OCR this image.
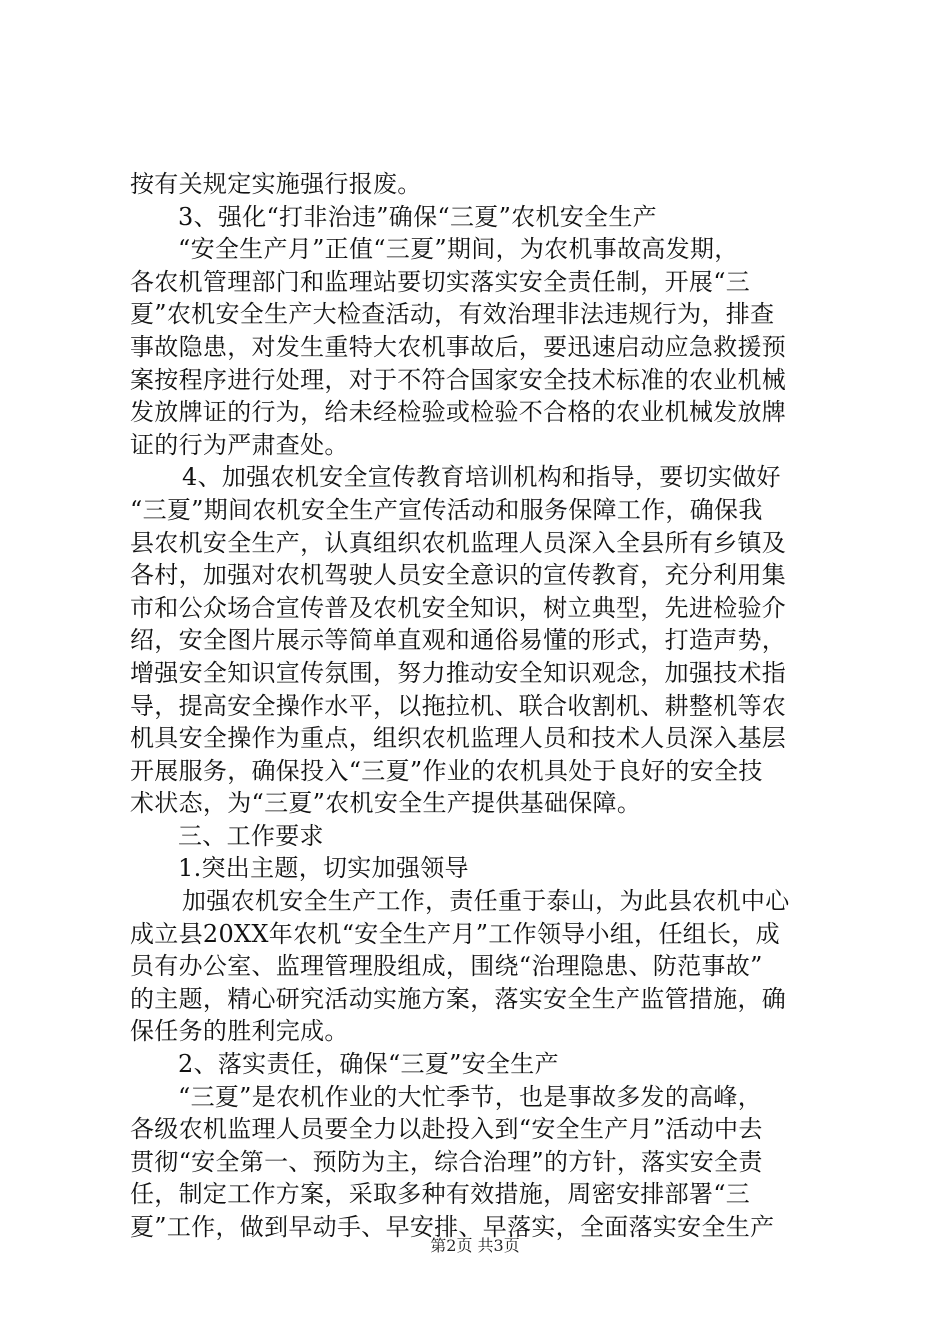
按有关规定实施强行报废。
3、强化“打非治违”确保“三夏”农机安全生产
“安全生产月”正值“三夏”期间，为农机事故高发期，
各农机管理部门和监理站要切实落实安全责任制，开展“三
夏”农机安全生产大检查活动，有效治理非法违规行为，排查
事故隐患，对发生重特大农机事故后，要迅速启动应急救援预
案按程序进行处理，对于不符合国家安全技术标准的农业机械
发放牌证的行为，给未经检验或检验不合格的农业机械发放牌
证的行为严肃查处。
4、加强农机安全宣传教育培训机构和指导，要切实做好
“三夏”期间农机安全生产宣传活动和服务保障工作，确保我
县农机安全生产，认真组织农机监理人员深入全县所有乡镇及
各村，加强对农机驾驶人员安全意识的宣传教育，充分利用集
市和公众场合宣传普及农机安全知识，树立典型，先进检验介
绍，安全图片展示等简单直观和通俗易懂的形式，打造声势，
增强安全知识宣传氛围，努力推动安全知识观念，加强技术指
导，提高安全操作水平，以拖拉机、联合收割机、耕整机等农
机具安全操作为重点，组织农机监理人员和技术人员深入基层
开展服务，确保投入“三夏”作业的农机具处于良好的安全技
术状态，为“三夏”农机安全生产提供基础保障。
三、工作要求
1.突出主题，切实加强领导
加强农机安全生产工作，责任重于泰山，为此县农机中心
成立县20XX年农机“安全生产月”工作领导小组，任组长，成
员有办公室、监理管理股组成，围绕“治理隐患、防范事故”
的主题，精心研究活动实施方案，落实安全生产监管措施，确
保任务的胜利完成。
2、落实责任，确保“三夏”安全生产
“三夏”是农机作业的大忙季节，也是事故多发的高峰，
各级农机监理人员要全力以赴投入到“安全生产月”活动中去
贯彻“安全第一、预防为主，综合治理”的方针，落实安全责
任，制定工作方案，采取多种有效措施，周密安排部署“三
夏”工作，做到早动手、早安排、早落实，全面落实安全生产
第2页 共3页
